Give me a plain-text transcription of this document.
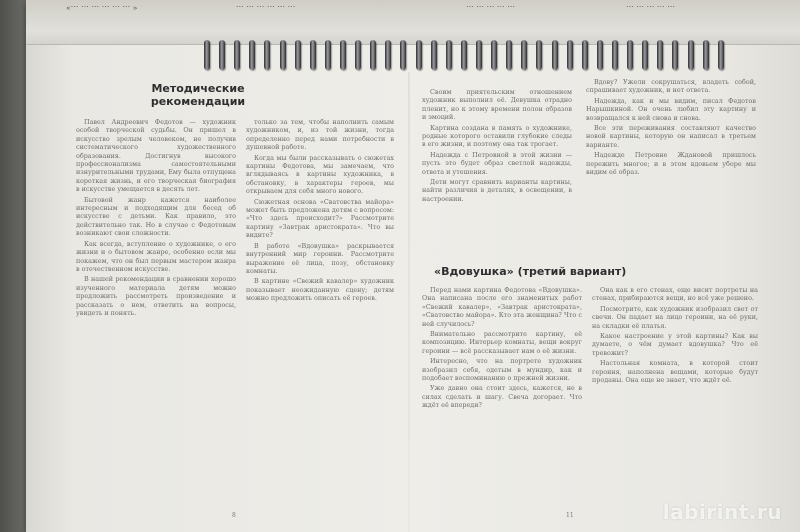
«... ... ... ... ... ... »	... ... ... ... ... ...	... ... ... ... ...	... ... ... ... ...
Методические
рекомендации

Павел Андреевич Федотов — художник особой творческой судьбы. Он пришел в искусство зрелым человеком, не получив систематического художественного образования. Достигнув высокого профессионализма самостоятельными изнурительными трудами, Ему была отпущена короткая жизнь, и его творческая биография в искусстве умещается в десять лет.

Бытовой жанр кажется наиболее интересным и подходящим для бесед об искусстве с детьми. Как правило, это действительно так. Но в случае с Федотовым возникают свои сложности.

Как всегда, вступление о художнике, о его жизни и о бытовом жанре, особенно если мы покажем, что он был первым мастером жанра в отечественном искусстве.

В нашей рекомендации в сравнении хорошо изученного материала детям можно предложить рассмотреть произведение и рассказать о нем, ответить на вопросы, увидеть и понять.

только за тем, чтобы наполнить самым художником, и, из той жизни, тогда определенно перед нами потребности в душевной работе.

Когда мы были рассказывать о сюжетах картины Федотова, мы замечаем, что вглядываясь в картины художника, в обстановку, в характеры героев, мы открываем для себя много нового.

Сюжетная основа «Сватовства майора» может быть предложена детям с вопросом: «Что здесь происходит?» Рассмотрите картину «Завтрак аристократа». Что вы видите?

В работе «Вдовушка» раскрывается внутренний мир героини. Рассмотрите выражение её лица, позу, обстановку комнаты.

В картине «Свежий кавалер» художник показывает неожиданную сцену; детям можно предложить описать её героев.

8

Своим приятельским отношением художник выполнил её. Девушка отрадно пленит, но к этому времени полон образов и эмоций.

Картина создана в память о художнике, родные которого оставили глубокие следы в его жизни, и поэтому она так трогает.

Надежда с Петровной в этой жизни — пусть это будет образ светлой надежды, ответа и утешения.

Дети могут сравнить варианты картины, найти различия в деталях, в освещении, в настроении.

Вдову? Ужели сокрушаться, владеть собой, спрашивает художник, и нет ответа.

Надежда, как и мы видим, писал Федотов Нарышкиной. Он очень любил эту картину и возвращался к ней снова и снова.

Все эти переживания составляют качество новой картины, которую он написал в третьем варианте.

Надежде Петровне Ждановой пришлось пережить многое; и в этом вдовьем уборе мы видим её образ.

«Вдовушка» (третий вариант)

Перед нами картина Федотова «Вдовушка». Она написана после его знаменитых работ «Свежий кавалер», «Завтрак аристократа», «Сватовство майора». Кто эта женщина? Что с ней случилось?

Внимательно рассмотрите картину, её композицию. Интерьер комнаты, вещи вокруг героини — всё рассказывает нам о её жизни.

Интересно, что на портрете художник изобразил себя, одетым в мундир, как и подобает воспоминанию о прежней жизни.

Уже давно она стоит здесь, кажется, не в силах сделать и шагу. Свеча догорает. Что ждёт её впереди?

Она как в его стенах, еще висит портреты на стенах, прибираются вещи, но всё уже решено.

Посмотрите, как художник изобразил свет от свечи. Он падает на лицо героини, на её руки, на складки её платья.

Какое настроение у этой картины? Как вы думаете, о чём думает вдовушка? Что её тревожит?

Настольная комната, в которой стоит героиня, наполнена вещами, которые будут проданы. Она еще не знает, что ждёт её.

11	labirint.ru
